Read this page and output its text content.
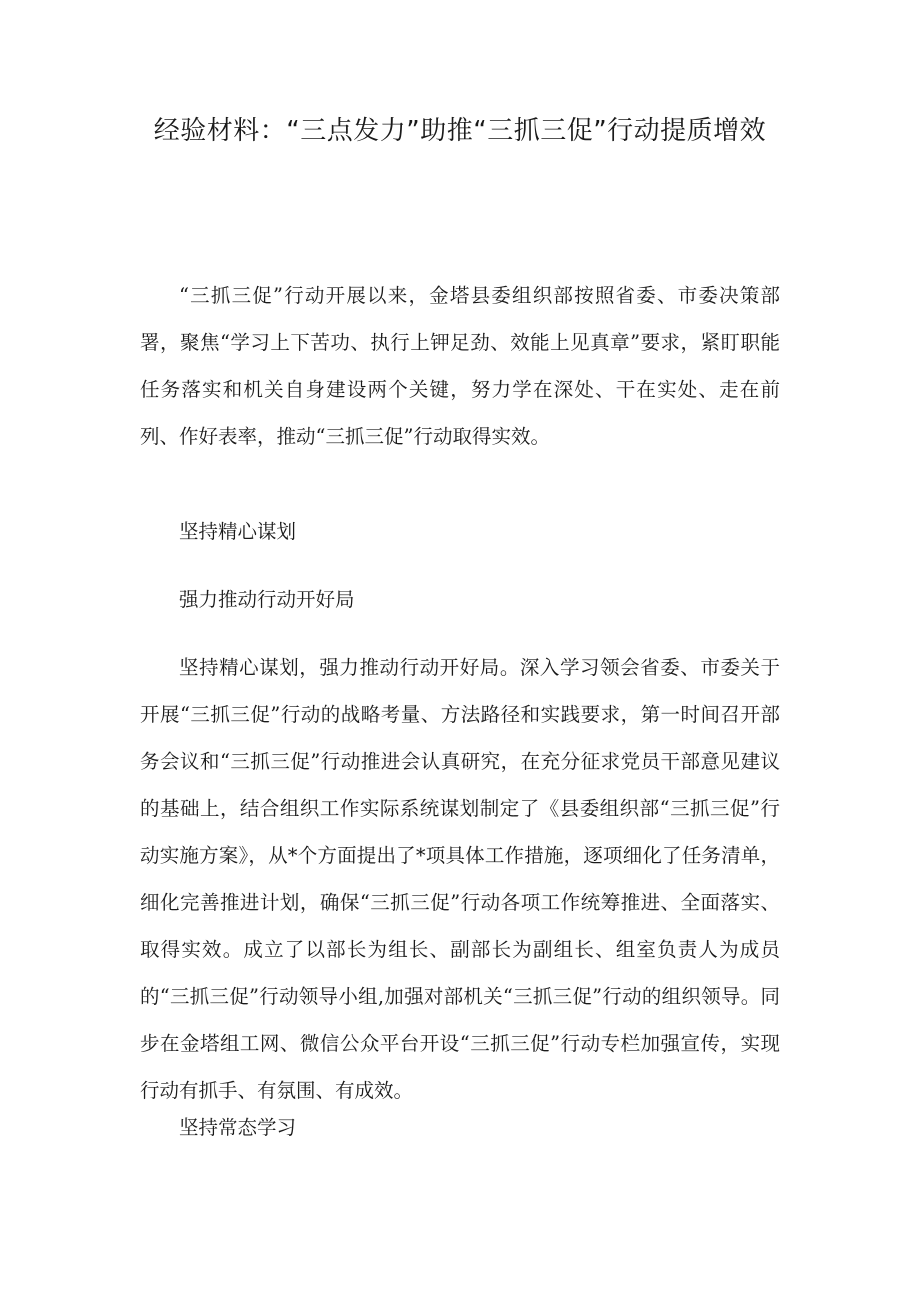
经验材料：“三点发力”助推“三抓三促”行动提质增效

“三抓三促”行动开展以来，金塔县委组织部按照省委、市委决策部署，聚焦“学习上下苦功、执行上钾足劲、效能上见真章”要求，紧盯职能任务落实和机关自身建设两个关键，努力学在深处、干在实处、走在前列、作好表率，推动“三抓三促”行动取得实效。

坚持精心谋划

强力推动行动开好局

坚持精心谋划，强力推动行动开好局。深入学习领会省委、市委关于开展“三抓三促”行动的战略考量、方法路径和实践要求，第一时间召开部务会议和“三抓三促”行动推进会认真研究，在充分征求党员干部意见建议的基础上，结合组织工作实际系统谋划制定了《县委组织部“三抓三促”行动实施方案》，从*个方面提出了*项具体工作措施，逐项细化了任务清单，细化完善推进计划，确保“三抓三促”行动各项工作统筹推进、全面落实、取得实效。成立了以部长为组长、副部长为副组长、组室负责人为成员的“三抓三促”行动领导小组,加强对部机关“三抓三促”行动的组织领导。同步在金塔组工网、微信公众平台开设“三抓三促”行动专栏加强宣传，实现行动有抓手、有氛围、有成效。

坚持常态学习
